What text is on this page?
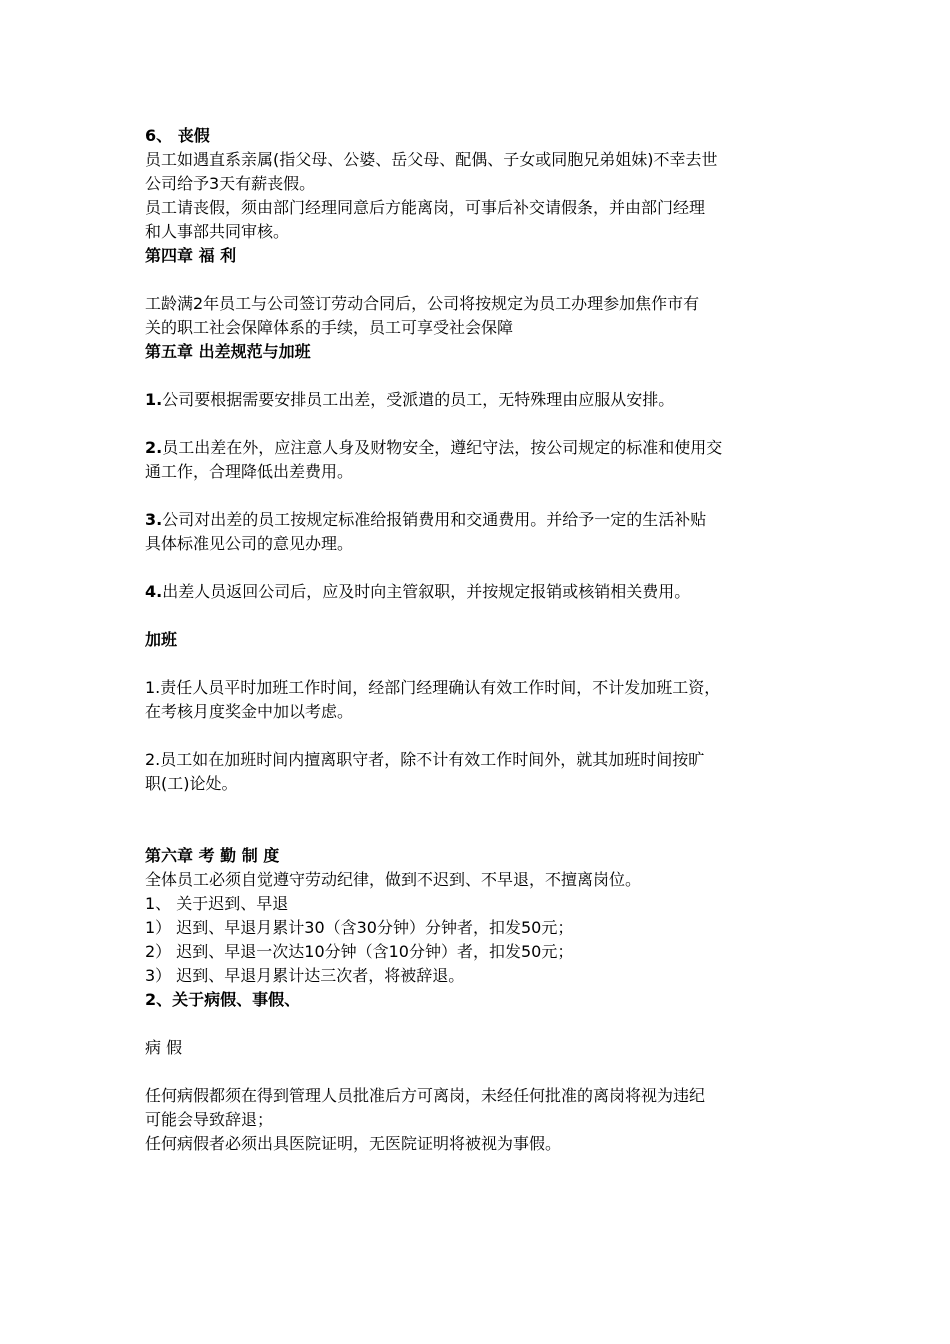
6、 丧假

员工如遇直系亲属(指父母、公婆、岳父母、配偶、子女或同胞兄弟姐妹)不幸去世

公司给予3天有薪丧假。

员工请丧假，须由部门经理同意后方能离岗，可事后补交请假条，并由部门经理

和人事部共同审核。

第四章 福 利

工龄满2年员工与公司签订劳动合同后，公司将按规定为员工办理参加焦作市有

关的职工社会保障体系的手续，员工可享受社会保障

第五章 出差规范与加班

1.公司要根据需要安排员工出差，受派遣的员工，无特殊理由应服从安排。

2.员工出差在外，应注意人身及财物安全，遵纪守法，按公司规定的标准和使用交

通工作，合理降低出差费用。

3.公司对出差的员工按规定标准给报销费用和交通费用。并给予一定的生活补贴

具体标准见公司的意见办理。

4.出差人员返回公司后，应及时向主管叙职，并按规定报销或核销相关费用。

加班

1.责任人员平时加班工作时间，经部门经理确认有效工作时间，不计发加班工资，

在考核月度奖金中加以考虑。

2.员工如在加班时间内擅离职守者，除不计有效工作时间外，就其加班时间按旷

职(工)论处。

第六章 考 勤 制 度

全体员工必须自觉遵守劳动纪律，做到不迟到、不早退，不擅离岗位。

1、 关于迟到、早退

1） 迟到、早退月累计30（含30分钟）分钟者，扣发50元；

2） 迟到、早退一次达10分钟（含10分钟）者，扣发50元；

3） 迟到、早退月累计达三次者，将被辞退。

2、关于病假、事假、

病 假

任何病假都须在得到管理人员批准后方可离岗，未经任何批准的离岗将视为违纪

可能会导致辞退；

任何病假者必须出具医院证明，无医院证明将被视为事假。
